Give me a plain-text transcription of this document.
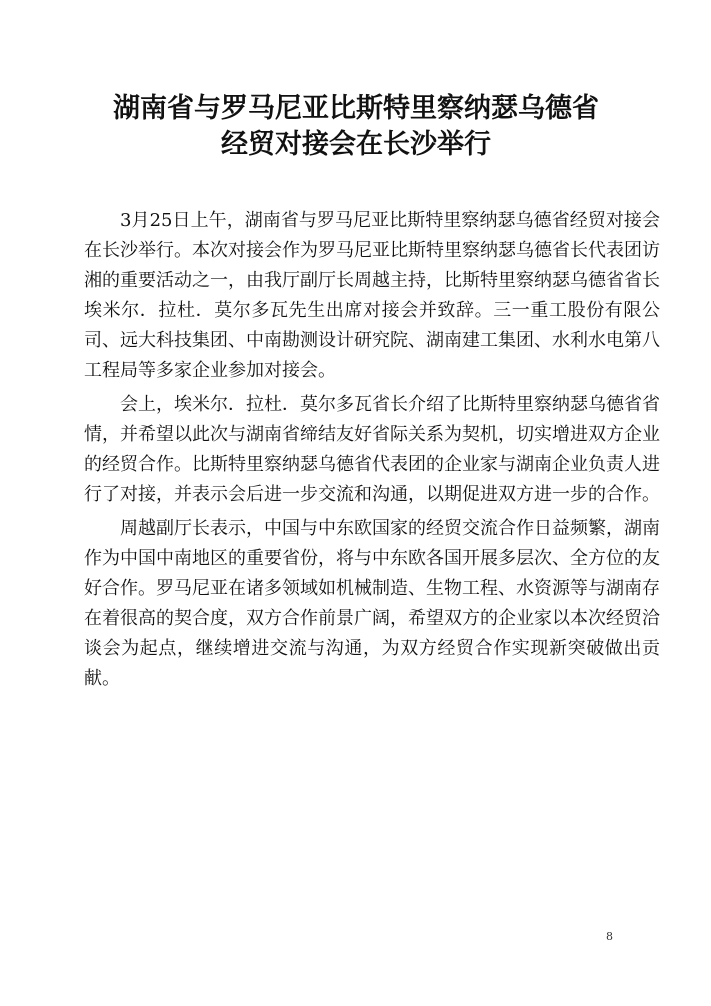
湖南省与罗马尼亚比斯特里察纳瑟乌德省
经贸对接会在长沙举行

3月25日上午，湖南省与罗马尼亚比斯特里察纳瑟乌德省经贸对接会在长沙举行。本次对接会作为罗马尼亚比斯特里察纳瑟乌德省长代表团访湘的重要活动之一，由我厅副厅长周越主持，比斯特里察纳瑟乌德省省长埃米尔．拉杜．莫尔多瓦先生出席对接会并致辞。三一重工股份有限公司、远大科技集团、中南勘测设计研究院、湖南建工集团、水利水电第八工程局等多家企业参加对接会。

会上，埃米尔．拉杜．莫尔多瓦省长介绍了比斯特里察纳瑟乌德省省情，并希望以此次与湖南省缔结友好省际关系为契机，切实增进双方企业的经贸合作。比斯特里察纳瑟乌德省代表团的企业家与湖南企业负责人进行了对接，并表示会后进一步交流和沟通，以期促进双方进一步的合作。

周越副厅长表示，中国与中东欧国家的经贸交流合作日益频繁，湖南作为中国中南地区的重要省份，将与中东欧各国开展多层次、全方位的友好合作。罗马尼亚在诸多领域如机械制造、生物工程、水资源等与湖南存在着很高的契合度，双方合作前景广阔，希望双方的企业家以本次经贸洽谈会为起点，继续增进交流与沟通，为双方经贸合作实现新突破做出贡献。

8
